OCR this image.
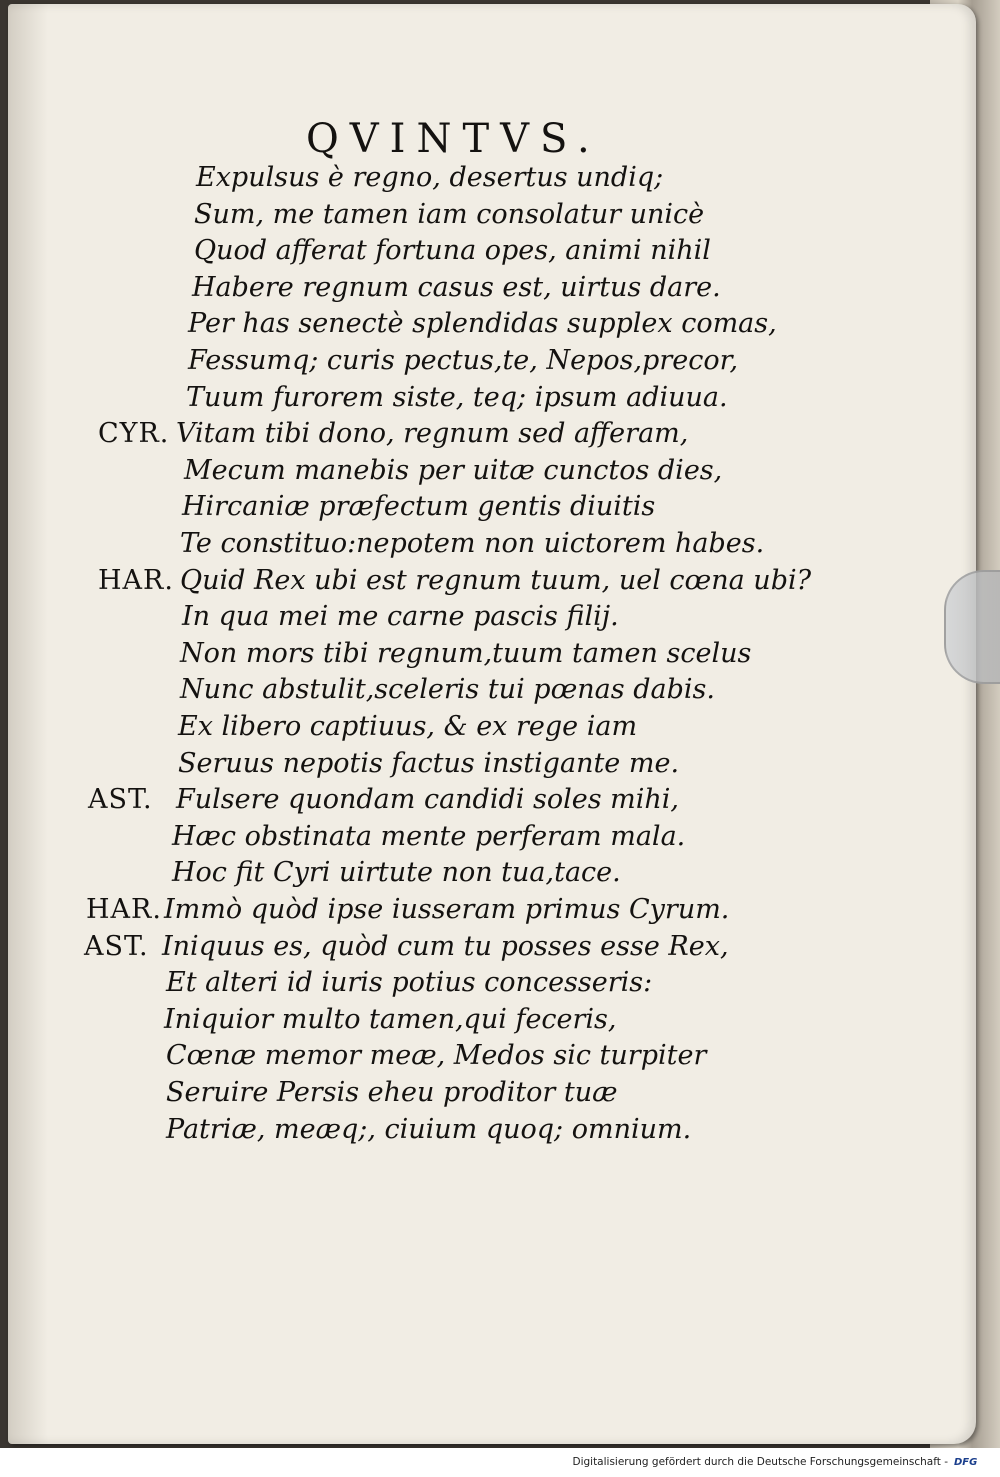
QVINTVS.
Expulsus è regno, desertus undiq;
Sum, me tamen iam consolatur unicè
Quod afferat fortuna opes, animi nihil
Habere regnum casus est, uirtus dare.
Per has senectè splendidas supplex comas,
Fessumq; curis pectus,te, Nepos,precor,
Tuum furorem siste, teq; ipsum adiuua.
CYR. Vitam tibi dono, regnum sed afferam,
Mecum manebis per uitæ cunctos dies,
Hircaniæ præfectum gentis diuitis
Te constituo:nepotem non uictorem habes.
HAR. Quid Rex ubi est regnum tuum, uel cœna ubi?
In qua mei me carne pascis filij.
Non mors tibi regnum,tuum tamen scelus
Nunc abstulit,sceleris tui pœnas dabis.
Ex libero captiuus, & ex rege iam
Seruus nepotis factus instigante me.
AST. Fulsere quondam candidi soles mihi,
Hæc obstinata mente perferam mala.
Hoc fit Cyri uirtute non tua,tace.
HAR. Immò quòd ipse iusseram primus Cyrum.
AST. Iniquus es, quòd cum tu posses esse Rex,
Et alteri id iuris potius concesseris:
Iniquior multo tamen,qui feceris,
Cœnæ memor meæ, Medos sic turpiter
Seruire Persis eheu proditor tuæ
Patriæ, meæq;, ciuium quoq; omnium.
Digitalisierung gefördert durch die Deutsche Forschungsgemeinschaft - DFG
